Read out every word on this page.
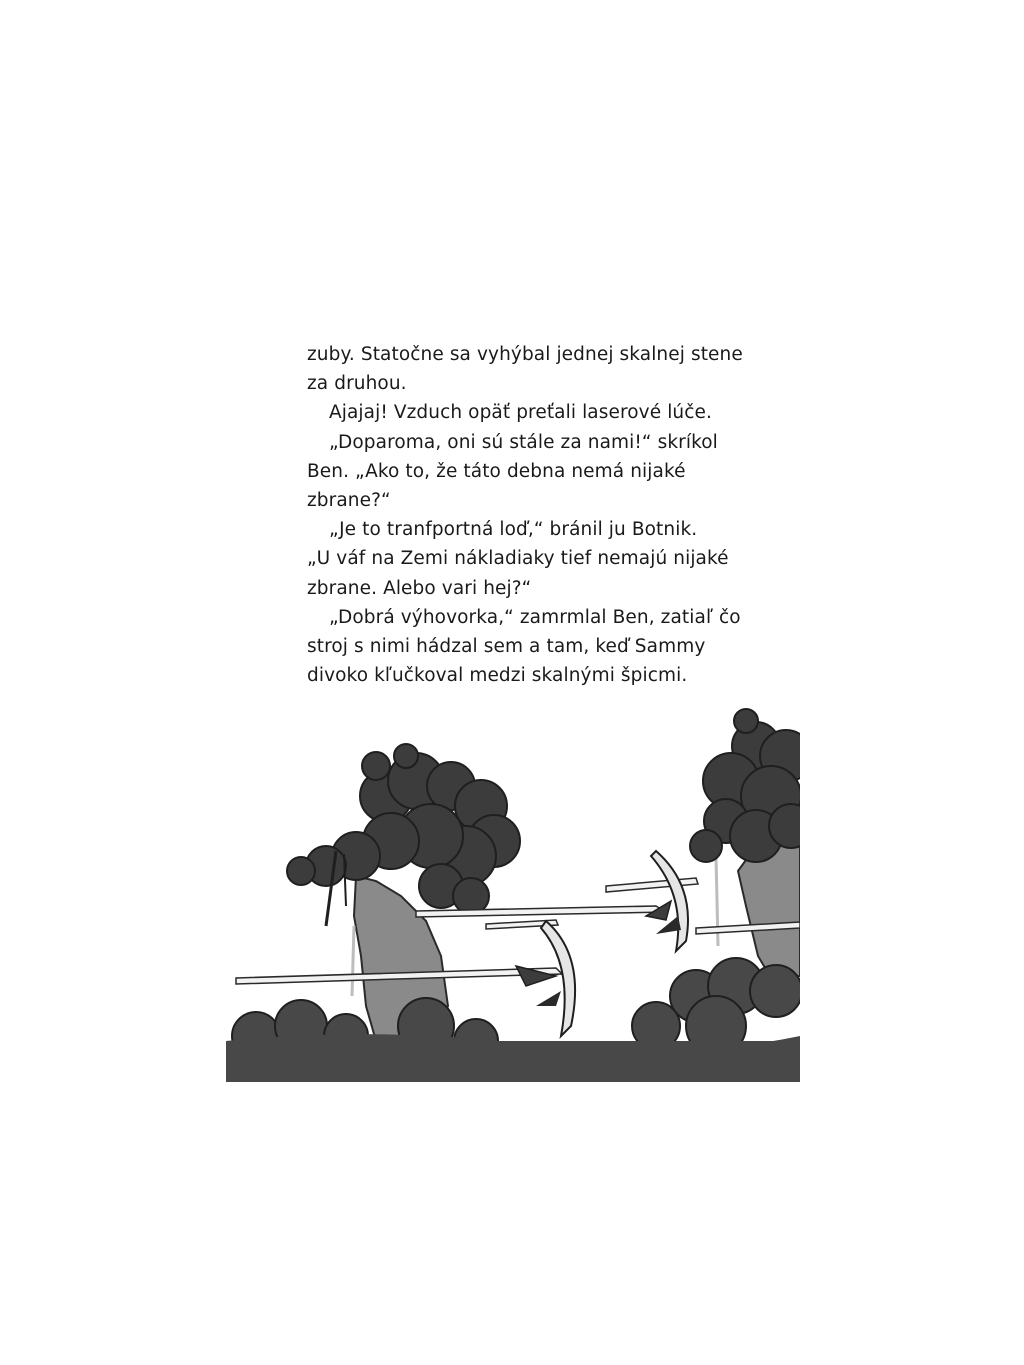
zuby. Statočne sa vyhýbal jednej skalnej stene
za druhou.
Ajajaj! Vzduch opäť preťali laserové lúče.
„Doparoma, oni sú stále za nami!“ skríkol
Ben. „Ako to, že táto debna nemá nijaké
zbrane?“
„Je to tranfportná loď,“ bránil ju Botnik.
„U váf na Zemi nákladiaky tief nemajú nijaké
zbrane. Alebo vari hej?“
„Dobrá výhovorka,“ zamrmlal Ben, zatiaľ čo
stroj s nimi hádzal sem a tam, keď Sammy
divoko kľučkoval medzi skalnými špicmi.
